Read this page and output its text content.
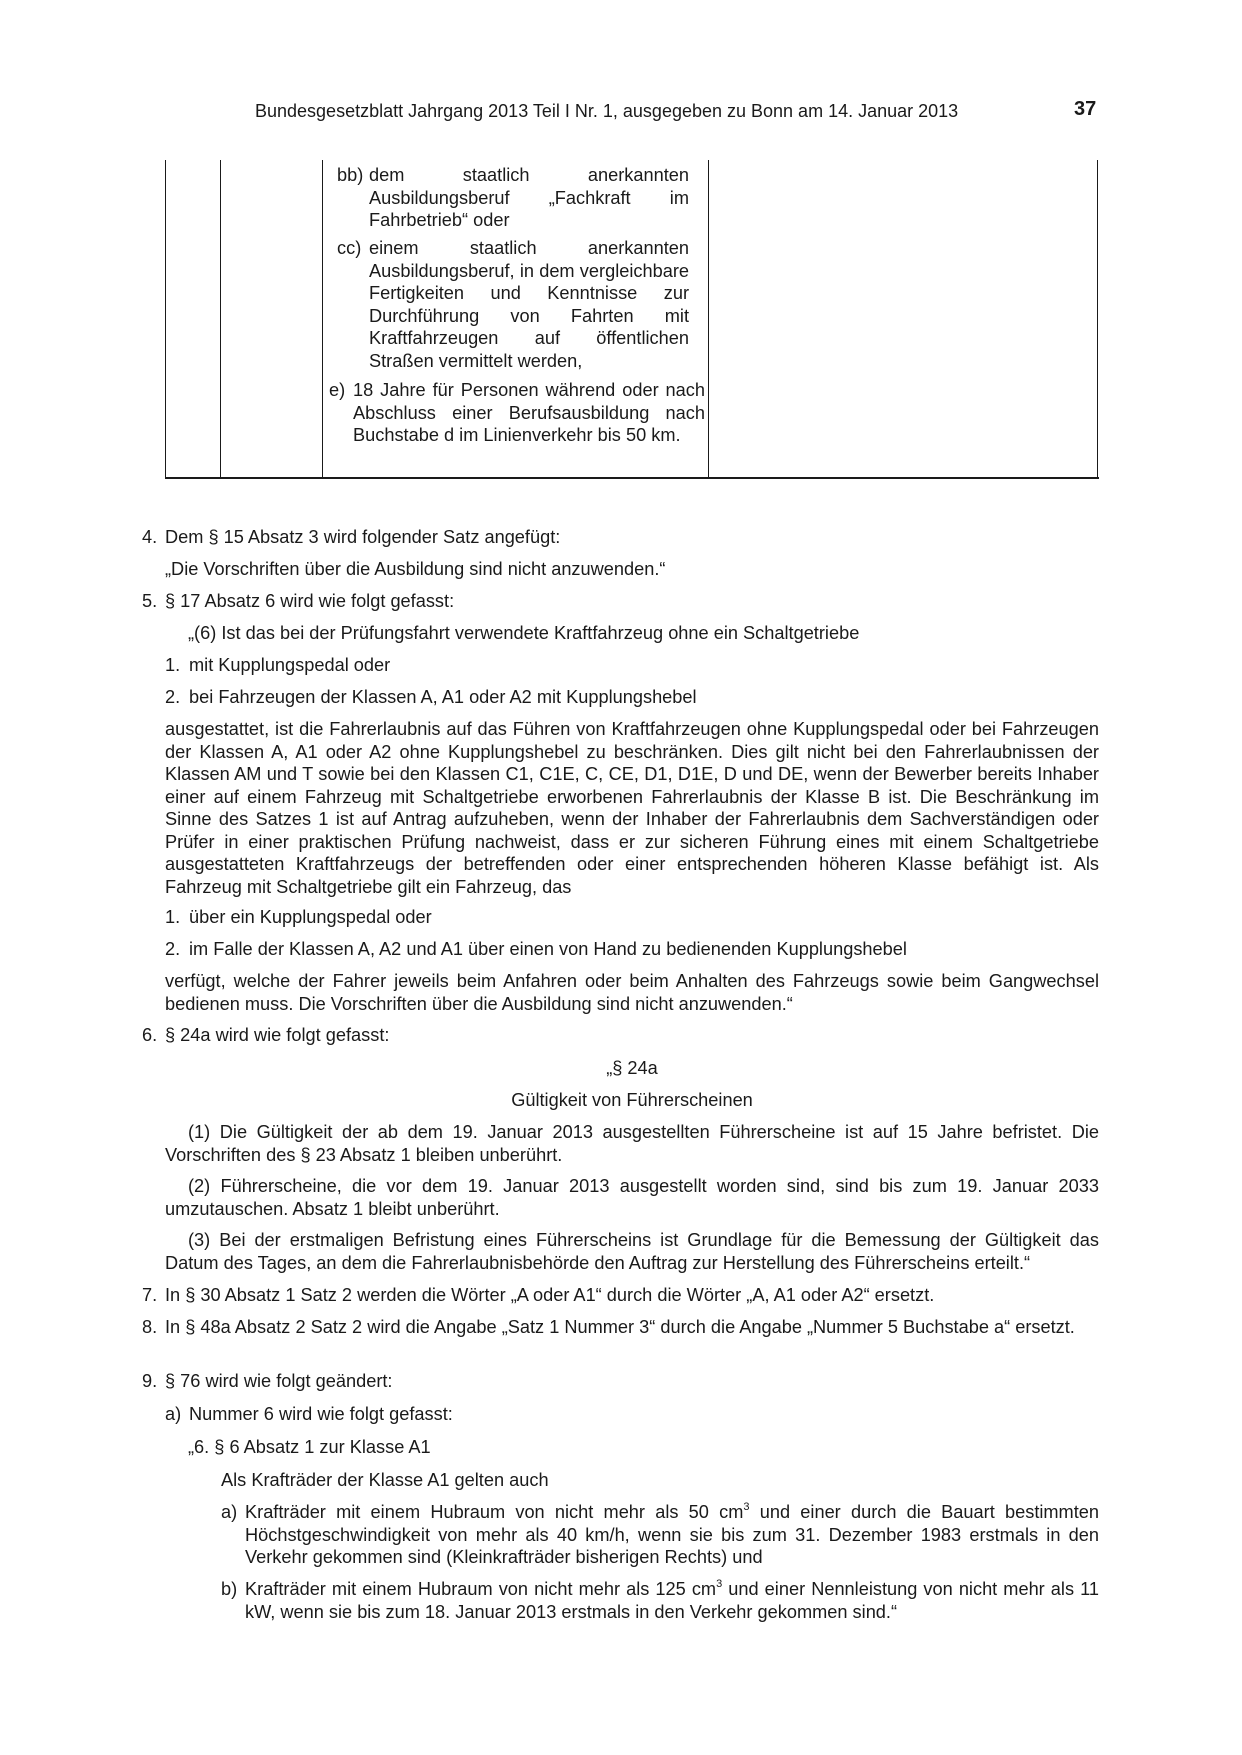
Bundesgesetzblatt Jahrgang 2013 Teil I Nr. 1, ausgegeben zu Bonn am 14. Januar 2013	37
bb) dem staatlich anerkannten Ausbildungsberuf „Fachkraft im Fahrbetrieb“ oder
cc) einem staatlich anerkannten Ausbildungsberuf, in dem vergleichbare Fertigkeiten und Kenntnisse zur Durchführung von Fahrten mit Kraftfahrzeugen auf öffentlichen Straßen vermittelt werden,
e) 18 Jahre für Personen während oder nach Abschluss einer Berufsausbildung nach Buchstabe d im Linienverkehr bis 50 km.
4. Dem § 15 Absatz 3 wird folgender Satz angefügt:
„Die Vorschriften über die Ausbildung sind nicht anzuwenden.“
5. § 17 Absatz 6 wird wie folgt gefasst:
„(6) Ist das bei der Prüfungsfahrt verwendete Kraftfahrzeug ohne ein Schaltgetriebe
1. mit Kupplungspedal oder
2. bei Fahrzeugen der Klassen A, A1 oder A2 mit Kupplungshebel
ausgestattet, ist die Fahrerlaubnis auf das Führen von Kraftfahrzeugen ohne Kupplungspedal oder bei Fahrzeugen der Klassen A, A1 oder A2 ohne Kupplungshebel zu beschränken. Dies gilt nicht bei den Fahrerlaubnissen der Klassen AM und T sowie bei den Klassen C1, C1E, C, CE, D1, D1E, D und DE, wenn der Bewerber bereits Inhaber einer auf einem Fahrzeug mit Schaltgetriebe erworbenen Fahrerlaubnis der Klasse B ist. Die Beschränkung im Sinne des Satzes 1 ist auf Antrag aufzuheben, wenn der Inhaber der Fahrerlaubnis dem Sachverständigen oder Prüfer in einer praktischen Prüfung nachweist, dass er zur sicheren Führung eines mit einem Schaltgetriebe ausgestatteten Kraftfahrzeugs der betreffenden oder einer entsprechenden höheren Klasse befähigt ist. Als Fahrzeug mit Schaltgetriebe gilt ein Fahrzeug, das
1. über ein Kupplungspedal oder
2. im Falle der Klassen A, A2 und A1 über einen von Hand zu bedienenden Kupplungshebel
verfügt, welche der Fahrer jeweils beim Anfahren oder beim Anhalten des Fahrzeugs sowie beim Gangwechsel bedienen muss. Die Vorschriften über die Ausbildung sind nicht anzuwenden.“
6. § 24a wird wie folgt gefasst:
„§ 24a
Gültigkeit von Führerscheinen
(1) Die Gültigkeit der ab dem 19. Januar 2013 ausgestellten Führerscheine ist auf 15 Jahre befristet. Die Vorschriften des § 23 Absatz 1 bleiben unberührt.
(2) Führerscheine, die vor dem 19. Januar 2013 ausgestellt worden sind, sind bis zum 19. Januar 2033 umzutauschen. Absatz 1 bleibt unberührt.
(3) Bei der erstmaligen Befristung eines Führerscheins ist Grundlage für die Bemessung der Gültigkeit das Datum des Tages, an dem die Fahrerlaubnisbehörde den Auftrag zur Herstellung des Führerscheins erteilt.“
7. In § 30 Absatz 1 Satz 2 werden die Wörter „A oder A1“ durch die Wörter „A, A1 oder A2“ ersetzt.
8. In § 48a Absatz 2 Satz 2 wird die Angabe „Satz 1 Nummer 3“ durch die Angabe „Nummer 5 Buchstabe a“ ersetzt.
9. § 76 wird wie folgt geändert:
a) Nummer 6 wird wie folgt gefasst:
„6. § 6 Absatz 1 zur Klasse A1
Als Krafträder der Klasse A1 gelten auch
a) Krafträder mit einem Hubraum von nicht mehr als 50 $cm^3$ und einer durch die Bauart bestimmten Höchstgeschwindigkeit von mehr als 40 km/h, wenn sie bis zum 31. Dezember 1983 erstmals in den Verkehr gekommen sind (Kleinkrafträder bisherigen Rechts) und
b) Krafträder mit einem Hubraum von nicht mehr als 125 $cm^3$ und einer Nennleistung von nicht mehr als 11 kW, wenn sie bis zum 18. Januar 2013 erstmals in den Verkehr gekommen sind.“
